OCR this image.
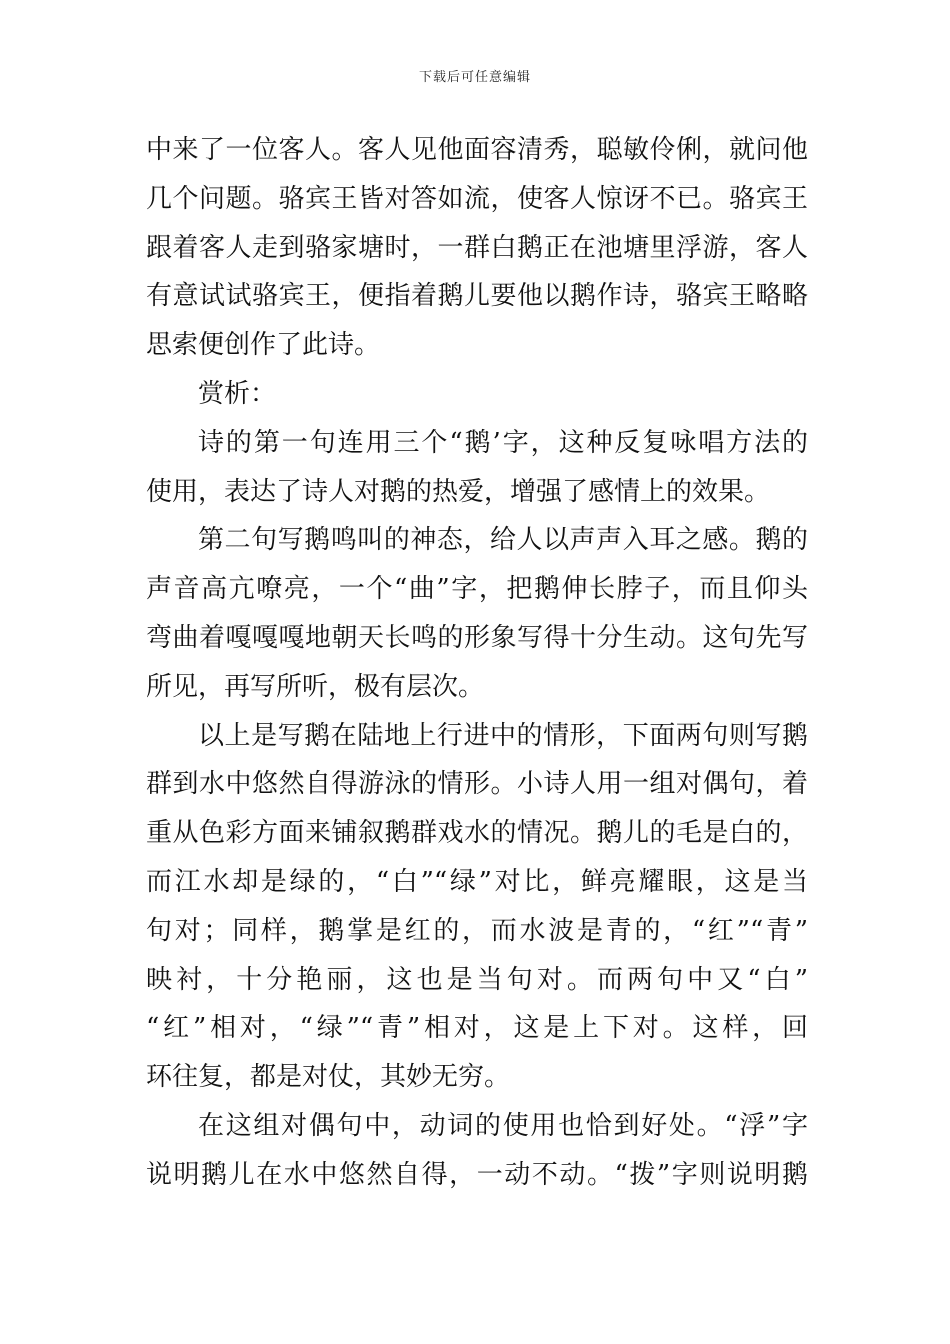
下载后可任意编辑
中来了一位客人。客人见他面容清秀，聪敏伶俐，就问他
几个问题。骆宾王皆对答如流，使客人惊讶不已。骆宾王
跟着客人走到骆家塘时，一群白鹅正在池塘里浮游，客人
有意试试骆宾王，便指着鹅儿要他以鹅作诗，骆宾王略略
思索便创作了此诗。
赏析：
诗的第一句连用三个“鹅’字，这种反复咏唱方法的
使用，表达了诗人对鹅的热爱，增强了感情上的效果。
第二句写鹅鸣叫的神态，给人以声声入耳之感。鹅的
声音高亢嘹亮，一个“曲”字，把鹅伸长脖子，而且仰头
弯曲着嘎嘎嘎地朝天长鸣的形象写得十分生动。这句先写
所见，再写所听，极有层次。
以上是写鹅在陆地上行进中的情形，下面两句则写鹅
群到水中悠然自得游泳的情形。小诗人用一组对偶句，着
重从色彩方面来铺叙鹅群戏水的情况。鹅儿的毛是白的，
而江水却是绿的，“白”“绿”对比，鲜亮耀眼，这是当
句对；同样，鹅掌是红的，而水波是青的，“红”“青”
映衬，十分艳丽，这也是当句对。而两句中又“白”
“红”相对，“绿”“青”相对，这是上下对。这样，回
环往复，都是对仗，其妙无穷。
在这组对偶句中，动词的使用也恰到好处。“浮”字
说明鹅儿在水中悠然自得，一动不动。“拨”字则说明鹅
